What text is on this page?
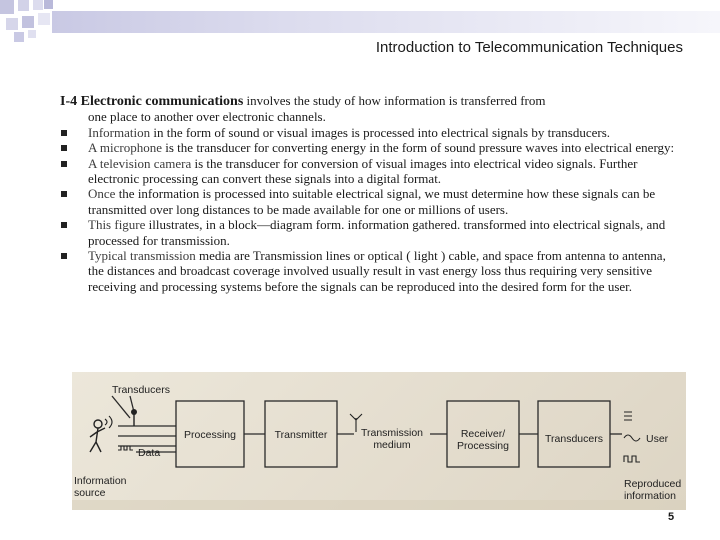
Introduction to Telecommunication Techniques

I-4 Electronic communications involves the study of how information is transferred from

one place to another over electronic channels.

Information in the form of sound or visual images is processed into electrical signals by transducers.
A microphone is the transducer for converting energy in the form of sound pressure waves into electrical energy:
A television camera is the transducer for conversion of visual images into electrical video signals. Further electronic processing can convert these signals into a digital format.
Once the information is processed into suitable electrical signal, we must determine how these signals can be transmitted over long distances to be made available for one or millions of users.
This figure illustrates, in a block—diagram form. information gathered. transformed into electrical signals, and processed for transmission.
Typical transmission media are Transmission lines or optical ( light ) cable, and space from antenna to antenna, the distances and broadcast coverage involved usually result in vast energy loss thus requiring very sensitive receiving and processing systems before the signals can be reproduced into the desired form for the user.
Transducers
Data
Information source
Processing	Transmitter	Transmission medium
Receiver/ Processing
Transducers	User
Reproduced information
5
